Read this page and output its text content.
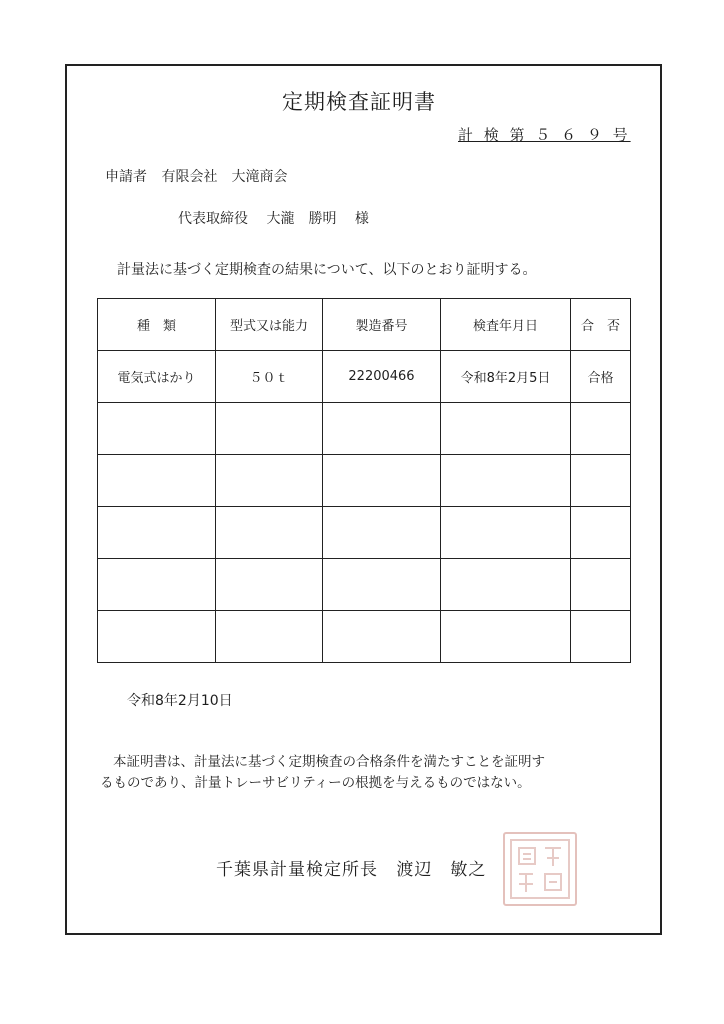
定期検査証明書
計 検 第 ５ ６ ９ 号
申請者 有限会社　大滝商会
代表取締役 大瀧　勝明 様
計量法に基づく定期検査の結果について、以下のとおり証明する。
種　類	型式又は能力	製造番号	検査年月日	合　否
電気式はかり	５０ｔ	22200466	令和8年2月5日	合格

令和8年2月10日

本証明書は、計量法に基づく定期検査の合格条件を満たすことを証明す

るものであり、計量トレーサビリティーの根拠を与えるものではない。

千葉県計量検定所長 渡辺　敏之
